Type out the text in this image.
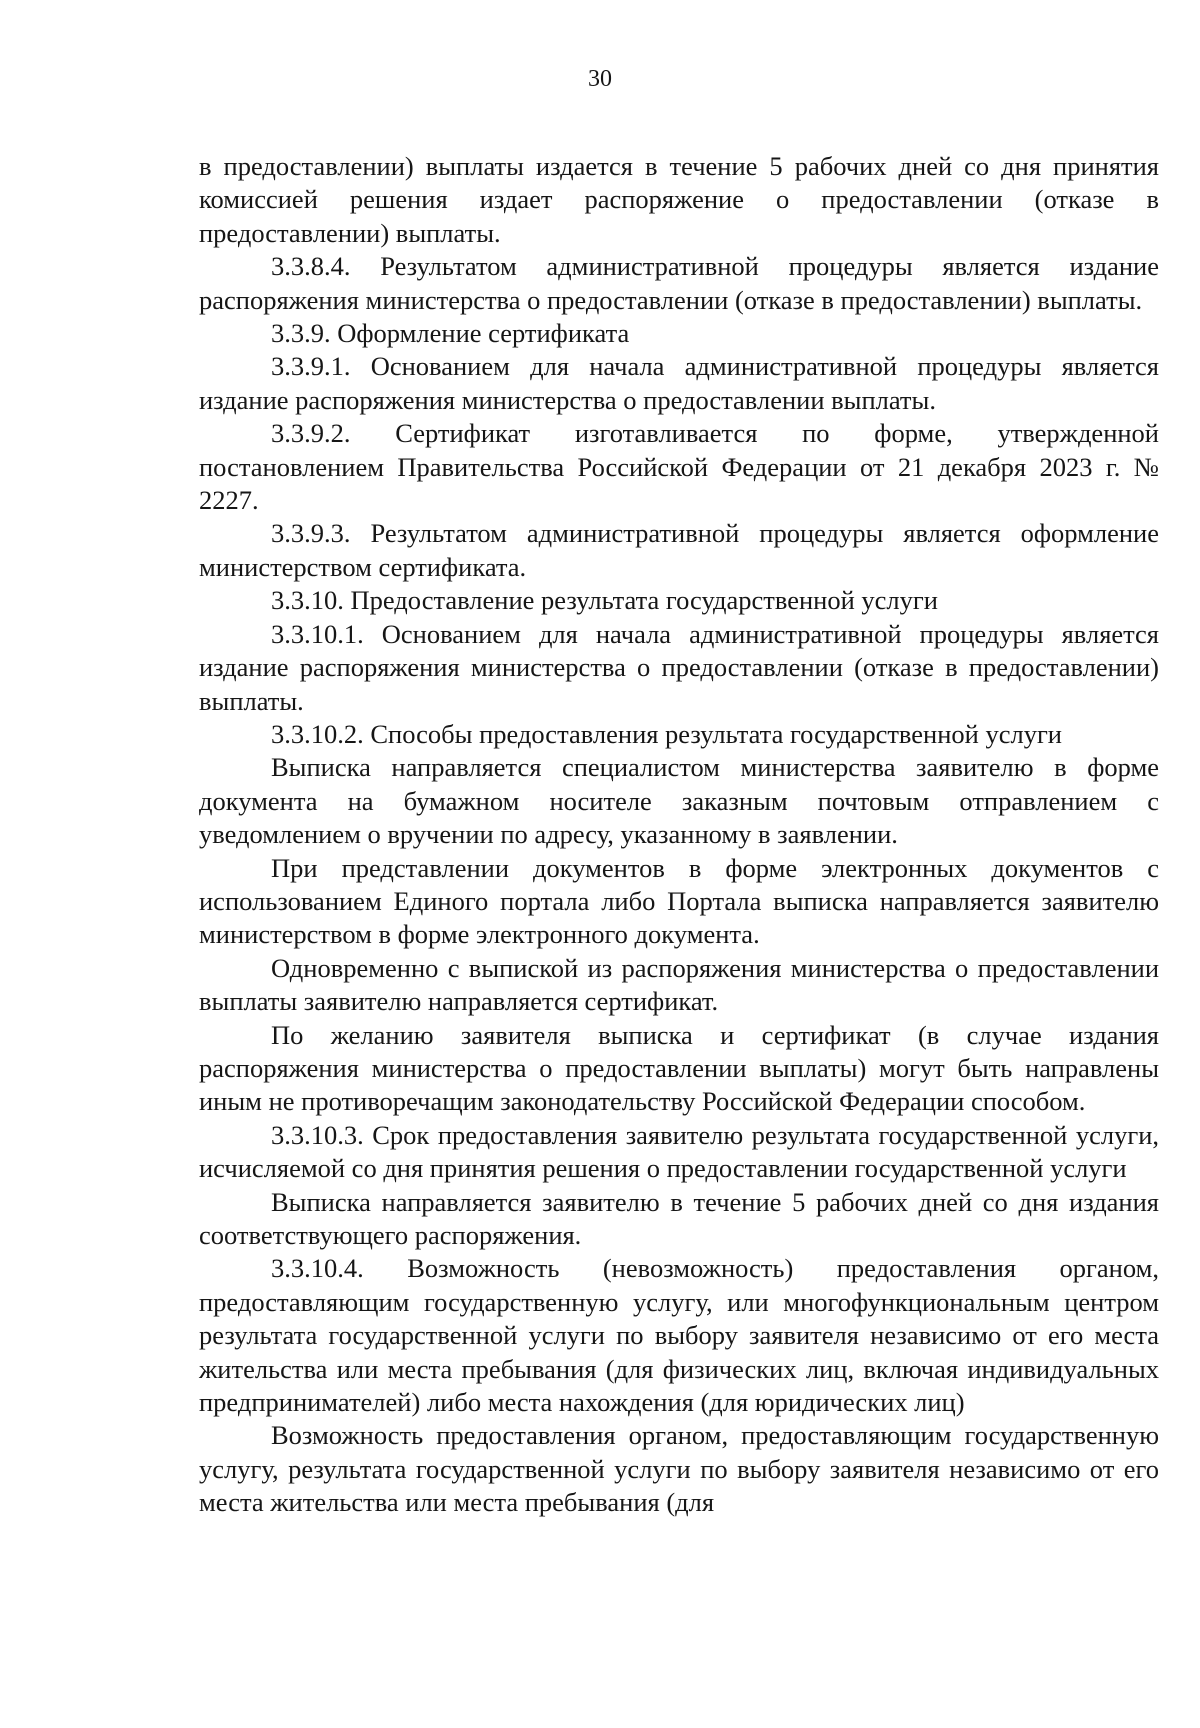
30

в предоставлении) выплаты издается в течение 5 рабочих дней со дня принятия комиссией решения издает распоряжение о предоставлении (отказе в предоставлении) выплаты.

3.3.8.4. Результатом административной процедуры является издание распоряжения министерства о предоставлении (отказе в предоставлении) выплаты.

3.3.9. Оформление сертификата

3.3.9.1. Основанием для начала административной процедуры является издание распоряжения министерства о предоставлении выплаты.

3.3.9.2. Сертификат изготавливается по форме, утвержденной постановлением Правительства Российской Федерации от 21 декабря 2023 г. № 2227.

3.3.9.3. Результатом административной процедуры является оформление министерством сертификата.

3.3.10. Предоставление результата государственной услуги

3.3.10.1. Основанием для начала административной процедуры является издание распоряжения министерства о предоставлении (отказе в предоставлении) выплаты.

3.3.10.2. Способы предоставления результата государственной услуги

Выписка направляется специалистом министерства заявителю в форме документа на бумажном носителе заказным почтовым отправлением с уведомлением о вручении по адресу, указанному в заявлении.

При представлении документов в форме электронных документов с использованием Единого портала либо Портала выписка направляется заявителю министерством в форме электронного документа.

Одновременно с выпиской из распоряжения министерства о предоставлении выплаты заявителю направляется сертификат.

По желанию заявителя выписка и сертификат (в случае издания распоряжения министерства о предоставлении выплаты) могут быть направлены иным не противоречащим законодательству Российской Федерации способом.

3.3.10.3. Срок предоставления заявителю результата государственной услуги, исчисляемой со дня принятия решения о предоставлении государственной услуги

Выписка направляется заявителю в течение 5 рабочих дней со дня издания соответствующего распоряжения.

3.3.10.4. Возможность (невозможность) предоставления органом, предоставляющим государственную услугу, или многофункциональным центром результата государственной услуги по выбору заявителя независимо от его места жительства или места пребывания (для физических лиц, включая индивидуальных предпринимателей) либо места нахождения (для юридических лиц)

Возможность предоставления органом, предоставляющим государственную услугу, результата государственной услуги по выбору заявителя независимо от его места жительства или места пребывания (для
